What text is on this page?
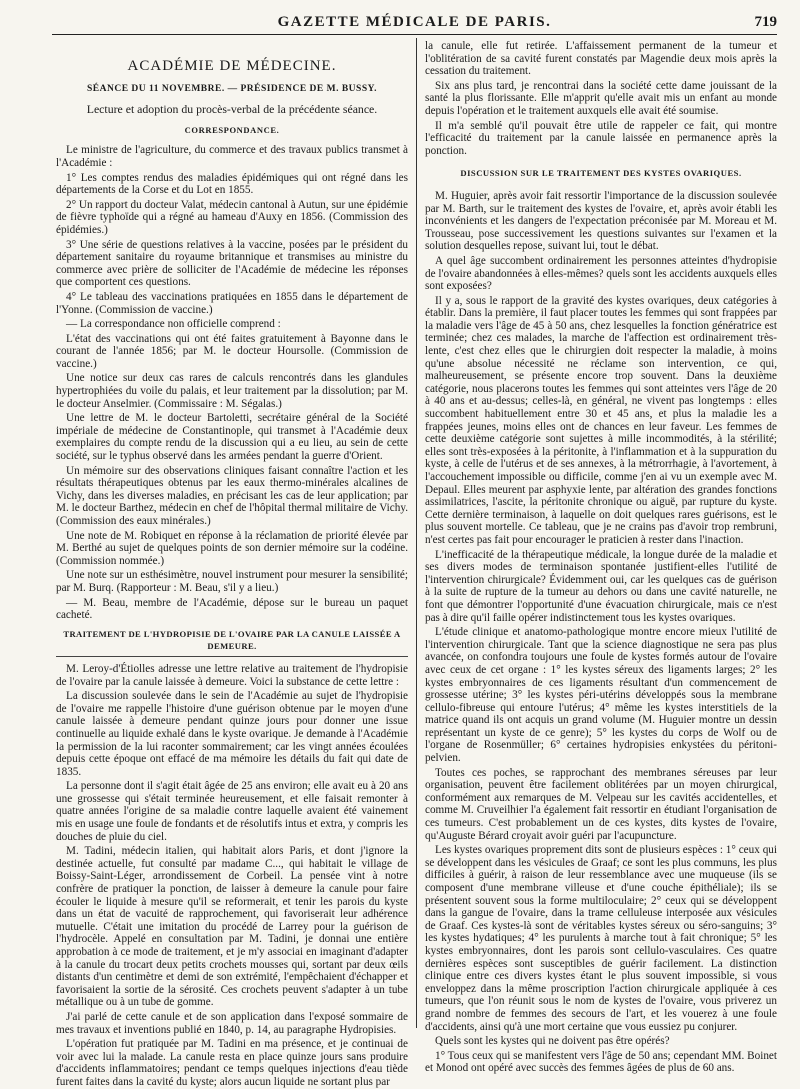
GAZETTE MÉDICALE DE PARIS.	719
ACADÉMIE DE MÉDECINE.
SÉANCE DU 11 NOVEMBRE. — PRÉSIDENCE DE M. BUSSY.
Lecture et adoption du procès-verbal de la précédente séance.
CORRESPONDANCE.

Le ministre de l'agriculture, du commerce et des travaux publics transmet à l'Académie :

1° Les comptes rendus des maladies épidémiques qui ont régné dans les départements de la Corse et du Lot en 1855.

2° Un rapport du docteur Valat, médecin cantonal à Autun, sur une épidémie de fièvre typhoïde qui a régné au hameau d'Auxy en 1856. (Commission des épidémies.)

3° Une série de questions relatives à la vaccine, posées par le président du département sanitaire du royaume britannique et transmises au ministre du commerce avec prière de solliciter de l'Académie de médecine les réponses que comportent ces questions.

4° Le tableau des vaccinations pratiquées en 1855 dans le département de l'Yonne. (Commission de vaccine.)

— La correspondance non officielle comprend :

L'état des vaccinations qui ont été faites gratuitement à Bayonne dans le courant de l'année 1856; par M. le docteur Hoursolle. (Commission de vaccine.)

Une notice sur deux cas rares de calculs rencontrés dans les glandules hypertrophiées du voile du palais, et leur traitement par la dissolution; par M. le docteur Anselmier. (Commissaire : M. Ségalas.)

Une lettre de M. le docteur Bartoletti, secrétaire général de la Société impériale de médecine de Constantinople, qui transmet à l'Académie deux exemplaires du compte rendu de la discussion qui a eu lieu, au sein de cette société, sur le typhus observé dans les armées pendant la guerre d'Orient.

Un mémoire sur des observations cliniques faisant connaître l'action et les résultats thérapeutiques obtenus par les eaux thermo-minérales alcalines de Vichy, dans les diverses maladies, en précisant les cas de leur application; par M. le docteur Barthez, médecin en chef de l'hôpital thermal militaire de Vichy. (Commission des eaux minérales.)

Une note de M. Robiquet en réponse à la réclamation de priorité élevée par M. Berthé au sujet de quelques points de son dernier mémoire sur la codéine. (Commission nommée.)

Une note sur un esthésimètre, nouvel instrument pour mesurer la sensibilité; par M. Burq. (Rapporteur : M. Beau, s'il y a lieu.)

— M. Beau, membre de l'Académie, dépose sur le bureau un paquet cacheté.

TRAITEMENT DE L'HYDROPISIE DE L'OVAIRE PAR LA CANULE LAISSÉE A DEMEURE.

M. Leroy-d'Étiolles adresse une lettre relative au traitement de l'hydropisie de l'ovaire par la canule laissée à demeure. Voici la substance de cette lettre :

La discussion soulevée dans le sein de l'Académie au sujet de l'hydropisie de l'ovaire me rappelle l'histoire d'une guérison obtenue par le moyen d'une canule laissée à demeure pendant quinze jours pour donner une issue continuelle au liquide exhalé dans le kyste ovarique. Je demande à l'Académie la permission de la lui raconter sommairement; car les vingt années écoulées depuis cette époque ont effacé de ma mémoire les détails du fait qui date de 1835.

La personne dont il s'agit était âgée de 25 ans environ; elle avait eu à 20 ans une grossesse qui s'était terminée heureusement, et elle faisait remonter à quatre années l'origine de sa maladie contre laquelle avaient été vainement mis en usage une foule de fondants et de résolutifs intus et extra, y compris les douches de pluie du ciel.

M. Tadini, médecin italien, qui habitait alors Paris, et dont j'ignore la destinée actuelle, fut consulté par madame C..., qui habitait le village de Boissy-Saint-Léger, arrondissement de Corbeil. La pensée vint à notre confrère de pratiquer la ponction, de laisser à demeure la canule pour faire écouler le liquide à mesure qu'il se reformerait, et tenir les parois du kyste dans un état de vacuité de rapprochement, qui favoriserait leur adhérence mutuelle. C'était une imitation du procédé de Larrey pour la guérison de l'hydrocèle. Appelé en consultation par M. Tadini, je donnai une entière approbation à ce mode de traitement, et je m'y associai en imaginant d'adapter à la canule du trocart deux petits crochets mousses qui, sortant par deux œils distants d'un centimètre et demi de son extrémité, l'empêchaient d'échapper et favorisaient la sortie de la sérosité. Ces crochets peuvent s'adapter à un tube métallique ou à un tube de gomme.

J'ai parlé de cette canule et de son application dans l'exposé sommaire de mes travaux et inventions publié en 1840, p. 14, au paragraphe Hydropisies.

L'opération fut pratiquée par M. Tadini en ma présence, et je continuai de voir avec lui la malade. La canule resta en place quinze jours sans produire d'accidents inflammatoires; pendant ce temps quelques injections d'eau tiède furent faites dans la cavité du kyste; alors aucun liquide ne sortant plus par

la canule, elle fut retirée. L'affaissement permanent de la tumeur et l'oblitération de sa cavité furent constatés par Magendie deux mois après la cessation du traitement.

Six ans plus tard, je rencontrai dans la société cette dame jouissant de la santé la plus florissante. Elle m'apprit qu'elle avait mis un enfant au monde depuis l'opération et le traitement auxquels elle avait été soumise.

Il m'a semblé qu'il pouvait être utile de rappeler ce fait, qui montre l'efficacité du traitement par la canule laissée en permanence après la ponction.

DISCUSSION SUR LE TRAITEMENT DES KYSTES OVARIQUES.

M. Huguier, après avoir fait ressortir l'importance de la discussion soulevée par M. Barth, sur le traitement des kystes de l'ovaire, et, après avoir établi les inconvénients et les dangers de l'expectation préconisée par M. Moreau et M. Trousseau, pose successivement les questions suivantes sur l'examen et la solution desquelles repose, suivant lui, tout le débat.

A quel âge succombent ordinairement les personnes atteintes d'hydropisie de l'ovaire abandonnées à elles-mêmes? quels sont les accidents auxquels elles sont exposées?

Il y a, sous le rapport de la gravité des kystes ovariques, deux catégories à établir. Dans la première, il faut placer toutes les femmes qui sont frappées par la maladie vers l'âge de 45 à 50 ans, chez lesquelles la fonction génératrice est terminée; chez ces malades, la marche de l'affection est ordinairement très-lente, c'est chez elles que le chirurgien doit respecter la maladie, à moins qu'une absolue nécessité ne réclame son intervention, ce qui, malheureusement, se présente encore trop souvent. Dans la deuxième catégorie, nous placerons toutes les femmes qui sont atteintes vers l'âge de 20 à 40 ans et au-dessus; celles-là, en général, ne vivent pas longtemps : elles succombent habituellement entre 30 et 45 ans, et plus la maladie les a frappées jeunes, moins elles ont de chances en leur faveur. Les femmes de cette deuxième catégorie sont sujettes à mille incommodités, à la stérilité; elles sont très-exposées à la péritonite, à l'inflammation et à la suppuration du kyste, à celle de l'utérus et de ses annexes, à la métrorrhagie, à l'avortement, à l'accouchement impossible ou difficile, comme j'en ai vu un exemple avec M. Depaul. Elles meurent par asphyxie lente, par altération des grandes fonctions assimilatrices, l'ascite, la péritonite chronique ou aiguë, par rupture du kyste. Cette dernière terminaison, à laquelle on doit quelques rares guérisons, est le plus souvent mortelle. Ce tableau, que je ne crains pas d'avoir trop rembruni, n'est certes pas fait pour encourager le praticien à rester dans l'inaction.

L'inefficacité de la thérapeutique médicale, la longue durée de la maladie et ses divers modes de terminaison spontanée justifient-elles l'utilité de l'intervention chirurgicale? Évidemment oui, car les quelques cas de guérison à la suite de rupture de la tumeur au dehors ou dans une cavité naturelle, ne font que démontrer l'opportunité d'une évacuation chirurgicale, mais ce n'est pas à dire qu'il faille opérer indistinctement tous les kystes ovariques.

L'étude clinique et anatomo-pathologique montre encore mieux l'utilité de l'intervention chirurgicale. Tant que la science diagnostique ne sera pas plus avancée, on confondra toujours une foule de kystes formés autour de l'ovaire avec ceux de cet organe : 1° les kystes séreux des ligaments larges; 2° les kystes embryonnaires de ces ligaments résultant d'un commencement de grossesse utérine; 3° les kystes péri-utérins développés sous la membrane cellulo-fibreuse qui entoure l'utérus; 4° même les kystes interstitiels de la matrice quand ils ont acquis un grand volume (M. Huguier montre un dessin représentant un kyste de ce genre); 5° les kystes du corps de Wolf ou de l'organe de Rosenmüller; 6° certaines hydropisies enkystées du péritoni-pelvien.

Toutes ces poches, se rapprochant des membranes séreuses par leur organisation, peuvent être facilement oblitérées par un moyen chirurgical, conformément aux remarques de M. Velpeau sur les cavités accidentelles, et comme M. Cruveilhier l'a également fait ressortir en étudiant l'organisation de ces tumeurs. C'est probablement un de ces kystes, dits kystes de l'ovaire, qu'Auguste Bérard croyait avoir guéri par l'acupuncture.

Les kystes ovariques proprement dits sont de plusieurs espèces : 1° ceux qui se développent dans les vésicules de Graaf; ce sont les plus communs, les plus difficiles à guérir, à raison de leur ressemblance avec une muqueuse (ils se composent d'une membrane villeuse et d'une couche épithéliale); ils se présentent souvent sous la forme multiloculaire; 2° ceux qui se développent dans la gangue de l'ovaire, dans la trame celluleuse interposée aux vésicules de Graaf. Ces kystes-là sont de véritables kystes séreux ou séro-sanguins; 3° les kystes hydatiques; 4° les purulents à marche tout à fait chronique; 5° les kystes embryonnaires, dont les parois sont cellulo-vasculaires. Ces quatre dernières espèces sont susceptibles de guérir facilement. La distinction clinique entre ces divers kystes étant le plus souvent impossible, si vous enveloppez dans la même proscription l'action chirurgicale appliquée à ces tumeurs, que l'on réunit sous le nom de kystes de l'ovaire, vous priverez un grand nombre de femmes des secours de l'art, et les vouerez à une foule d'accidents, ainsi qu'à une mort certaine que vous eussiez pu conjurer.

Quels sont les kystes qui ne doivent pas être opérés?

1° Tous ceux qui se manifestent vers l'âge de 50 ans; cependant MM. Boinet et Monod ont opéré avec succès des femmes âgées de plus de 60 ans.
